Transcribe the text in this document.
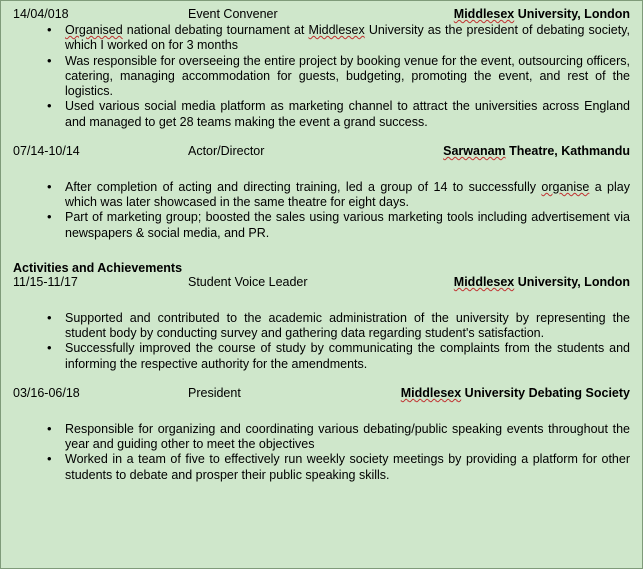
14/04/018	Event Convener	Middlesex University, London
• Organised national debating tournament at Middlesex University as the president of debating society, which I worked on for 3 months
• Was responsible for overseeing the entire project by booking venue for the event, outsourcing officers, catering, managing accommodation for guests, budgeting, promoting the event, and rest of the logistics.
• Used various social media platform as marketing channel to attract the universities across England and managed to get 28 teams making the event a grand success.
07/14-10/14	Actor/Director	Sarwanam Theatre, Kathmandu
• After completion of acting and directing training, led a group of 14 to successfully organise a play which was later showcased in the same theatre for eight days.
• Part of marketing group; boosted the sales using various marketing tools including advertisement via newspapers & social media, and PR.
Activities and Achievements
11/15-11/17	Student Voice Leader	Middlesex University, London
• Supported and contributed to the academic administration of the university by representing the student body by conducting survey and gathering data regarding student's satisfaction.
• Successfully improved the course of study by communicating the complaints from the students and informing the respective authority for the amendments.
03/16-06/18	President	Middlesex University Debating Society
• Responsible for organizing and coordinating various debating/public speaking events throughout the year and guiding other to meet the objectives
• Worked in a team of five to effectively run weekly society meetings by providing a platform for other students to debate and prosper their public speaking skills.
